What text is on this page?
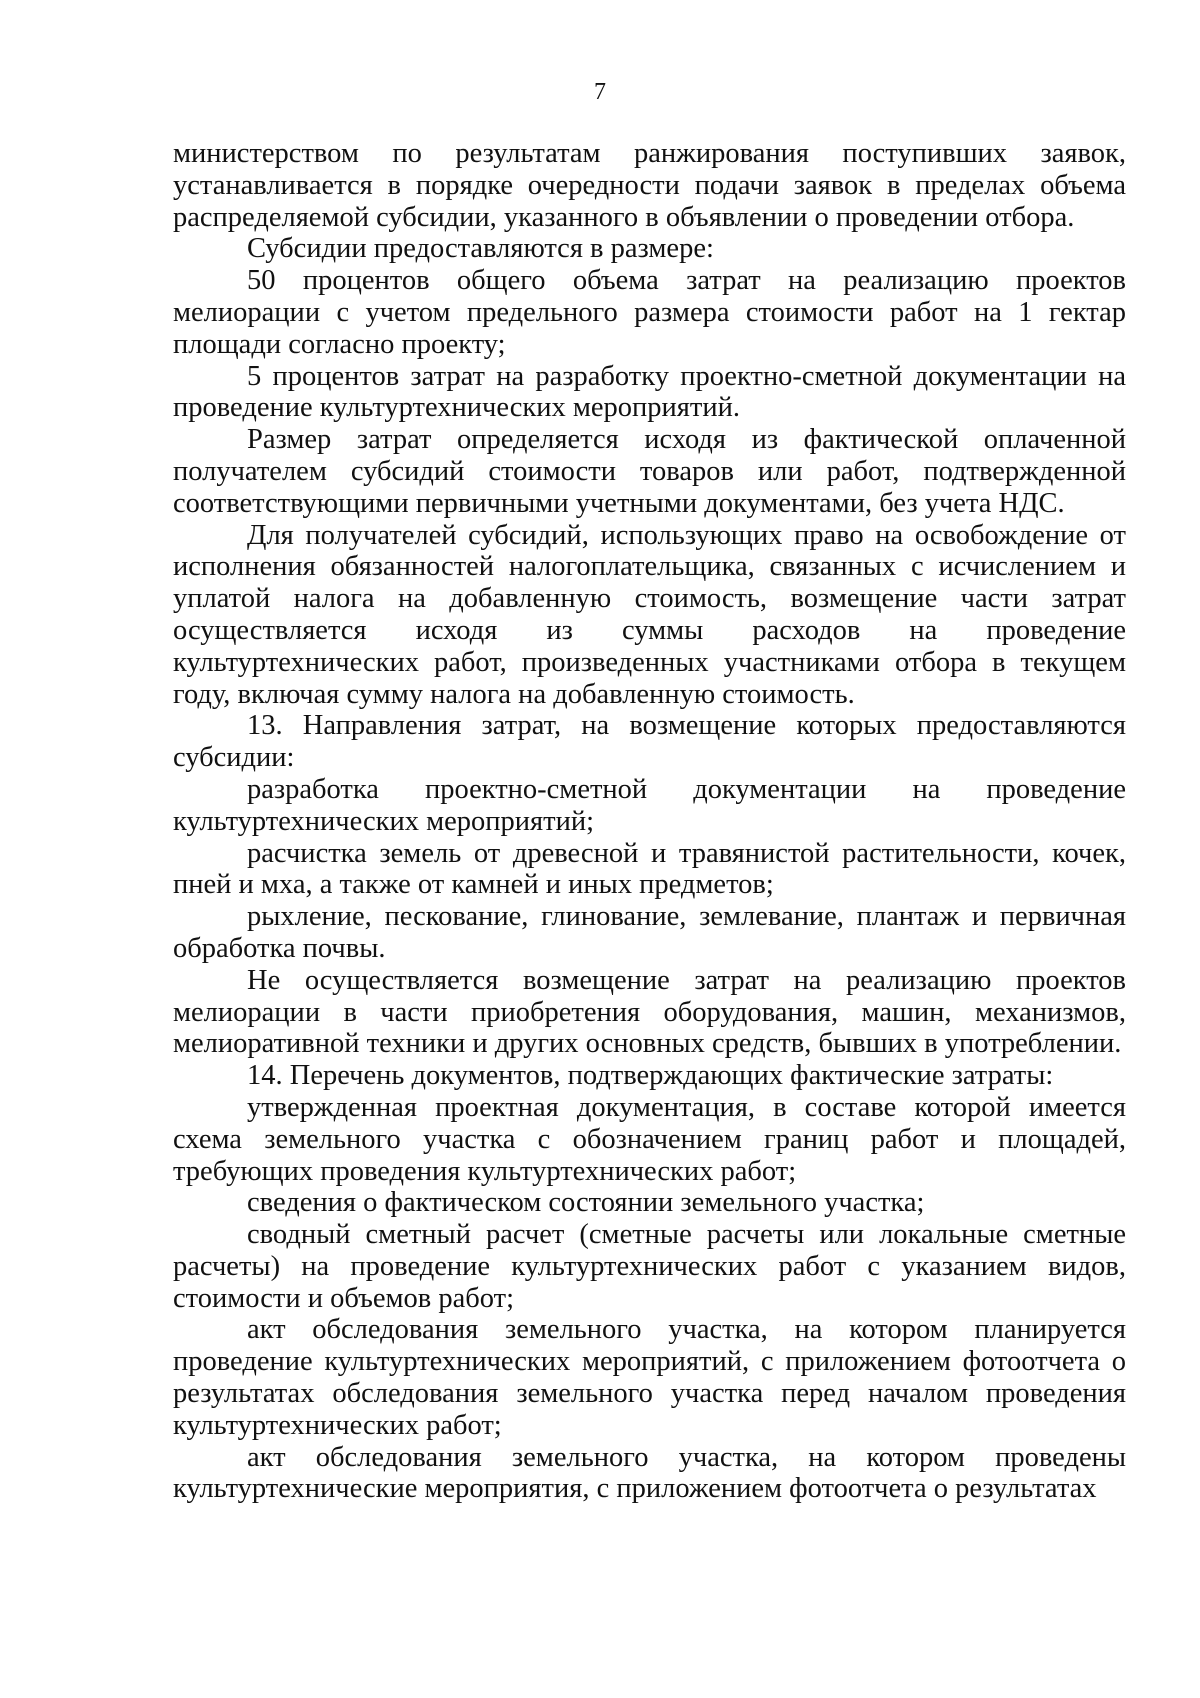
7

министерством по результатам ранжирования поступивших заявок, устанавливается в порядке очередности подачи заявок в пределах объема распределяемой субсидии, указанного в объявлении о проведении отбора.

Субсидии предоставляются в размере:

50 процентов общего объема затрат на реализацию проектов мелиорации с учетом предельного размера стоимости работ на 1 гектар площади согласно проекту;

5 процентов затрат на разработку проектно-сметной документации на проведение культуртехнических мероприятий.

Размер затрат определяется исходя из фактической оплаченной получателем субсидий стоимости товаров или работ, подтвержденной соответствующими первичными учетными документами, без учета НДС.

Для получателей субсидий, использующих право на освобождение от исполнения обязанностей налогоплательщика, связанных с исчислением и уплатой налога на добавленную стоимость, возмещение части затрат осуществляется исходя из суммы расходов на проведение культуртехнических работ, произведенных участниками отбора в текущем году, включая сумму налога на добавленную стоимость.

13. Направления затрат, на возмещение которых предоставляются субсидии:

разработка проектно-сметной документации на проведение культуртехнических мероприятий;

расчистка земель от древесной и травянистой растительности, кочек, пней и мха, а также от камней и иных предметов;

рыхление, пескование, глинование, землевание, плантаж и первичная обработка почвы.

Не осуществляется возмещение затрат на реализацию проектов мелиорации в части приобретения оборудования, машин, механизмов, мелиоративной техники и других основных средств, бывших в употреблении.

14. Перечень документов, подтверждающих фактические затраты:

утвержденная проектная документация, в составе которой имеется схема земельного участка с обозначением границ работ и площадей, требующих проведения культуртехнических работ;

сведения о фактическом состоянии земельного участка;

сводный сметный расчет (сметные расчеты или локальные сметные расчеты) на проведение культуртехнических работ с указанием видов, стоимости и объемов работ;

акт обследования земельного участка, на котором планируется проведение культуртехнических мероприятий, с приложением фотоотчета о результатах обследования земельного участка перед началом проведения культуртехнических работ;

акт обследования земельного участка, на котором проведены культуртехнические мероприятия, с приложением фотоотчета о результатах
